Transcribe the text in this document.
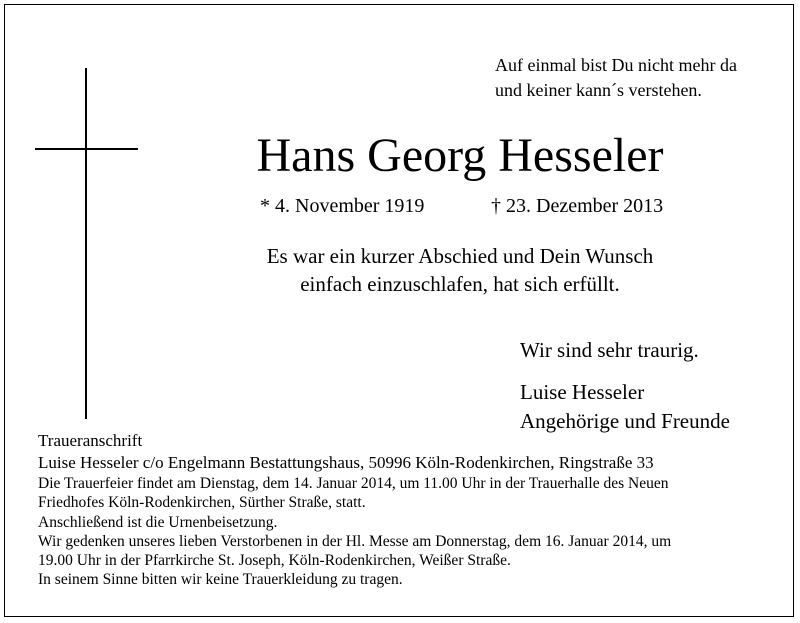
Auf einmal bist Du nicht mehr da
und keiner kann´s verstehen.
Hans Georg Hesseler
* 4. November 1919	† 23. Dezember 2013
Es war ein kurzer Abschied und Dein Wunsch
einfach einzuschlafen, hat sich erfüllt.
Wir sind sehr traurig.
Luise Hesseler
Angehörige und Freunde
Traueranschrift
Luise Hesseler c/o Engelmann Bestattungshaus, 50996 Köln-Rodenkirchen, Ringstraße 33
Die Trauerfeier findet am Dienstag, dem 14. Januar 2014, um 11.00 Uhr in der Trauerhalle des Neuen
Friedhofes Köln-Rodenkirchen, Sürther Straße, statt.
Anschließend ist die Urnenbeisetzung.
Wir gedenken unseres lieben Verstorbenen in der Hl. Messe am Donnerstag, dem 16. Januar 2014, um
19.00 Uhr in der Pfarrkirche St. Joseph, Köln-Rodenkirchen, Weißer Straße.
In seinem Sinne bitten wir keine Trauerkleidung zu tragen.
